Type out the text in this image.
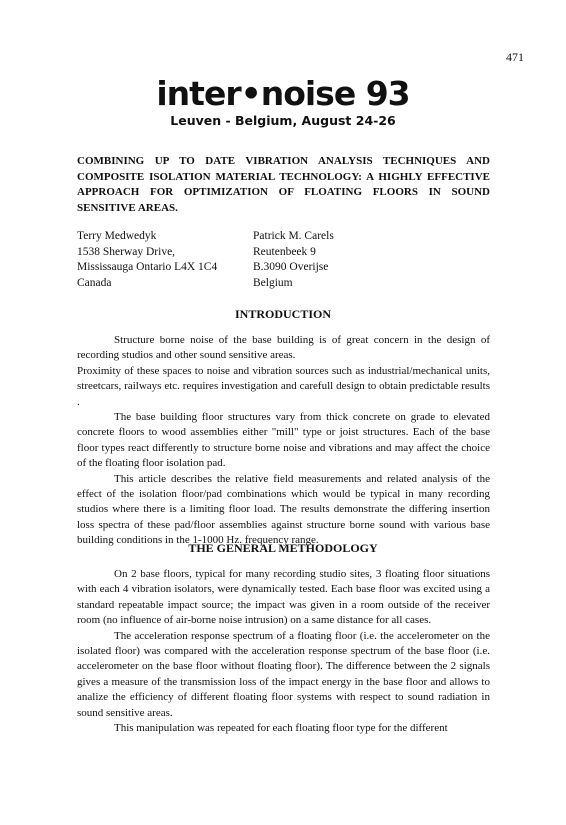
471
inter•noise 93
Leuven - Belgium, August 24-26
COMBINING UP TO DATE VIBRATION ANALYSIS TECHNIQUES AND COMPOSITE ISOLATION MATERIAL TECHNOLOGY: A HIGHLY EFFECTIVE APPROACH FOR OPTIMIZATION OF FLOATING FLOORS IN SOUND SENSITIVE AREAS.
Terry Medwedyk
1538 Sherway Drive,
Mississauga Ontario L4X 1C4
Canada
Patrick M. Carels
Reutenbeek 9
B.3090 Overijse
Belgium
INTRODUCTION

Structure borne noise of the base building is of great concern in the design of recording studios and other sound sensitive areas.

Proximity of these spaces to noise and vibration sources such as industrial/mechanical units, streetcars, railways etc. requires investigation and carefull design to obtain predictable results .

The base building floor structures vary from thick concrete on grade to elevated concrete floors to wood assemblies either "mill" type or joist structures. Each of the base floor types react differently to structure borne noise and vibrations and may affect the choice of the floating floor isolation pad.

This article describes the relative field measurements and related analysis of the effect of the isolation floor/pad combinations which would be typical in many recording studios where there is a limiting floor load. The results demonstrate the differing insertion loss spectra of these pad/floor assemblies against structure borne sound with various base building conditions in the 1-1000 Hz. frequency range.

THE GENERAL METHODOLOGY

On 2 base floors, typical for many recording studio sites, 3 floating floor situations with each 4 vibration isolators, were dynamically tested. Each base floor was excited using a standard repeatable impact source; the impact was given in a room outside of the receiver room (no influence of air-borne noise intrusion) on a same distance for all cases.

The acceleration response spectrum of a floating floor (i.e. the accelerometer on the isolated floor) was compared with the acceleration response spectrum of the base floor (i.e. accelerometer on the base floor without floating floor). The difference between the 2 signals gives a measure of the transmission loss of the impact energy in the base floor and allows to analize the efficiency of different floating floor systems with respect to sound radiation in sound sensitive areas.

This manipulation was repeated for each floating floor type for the different
